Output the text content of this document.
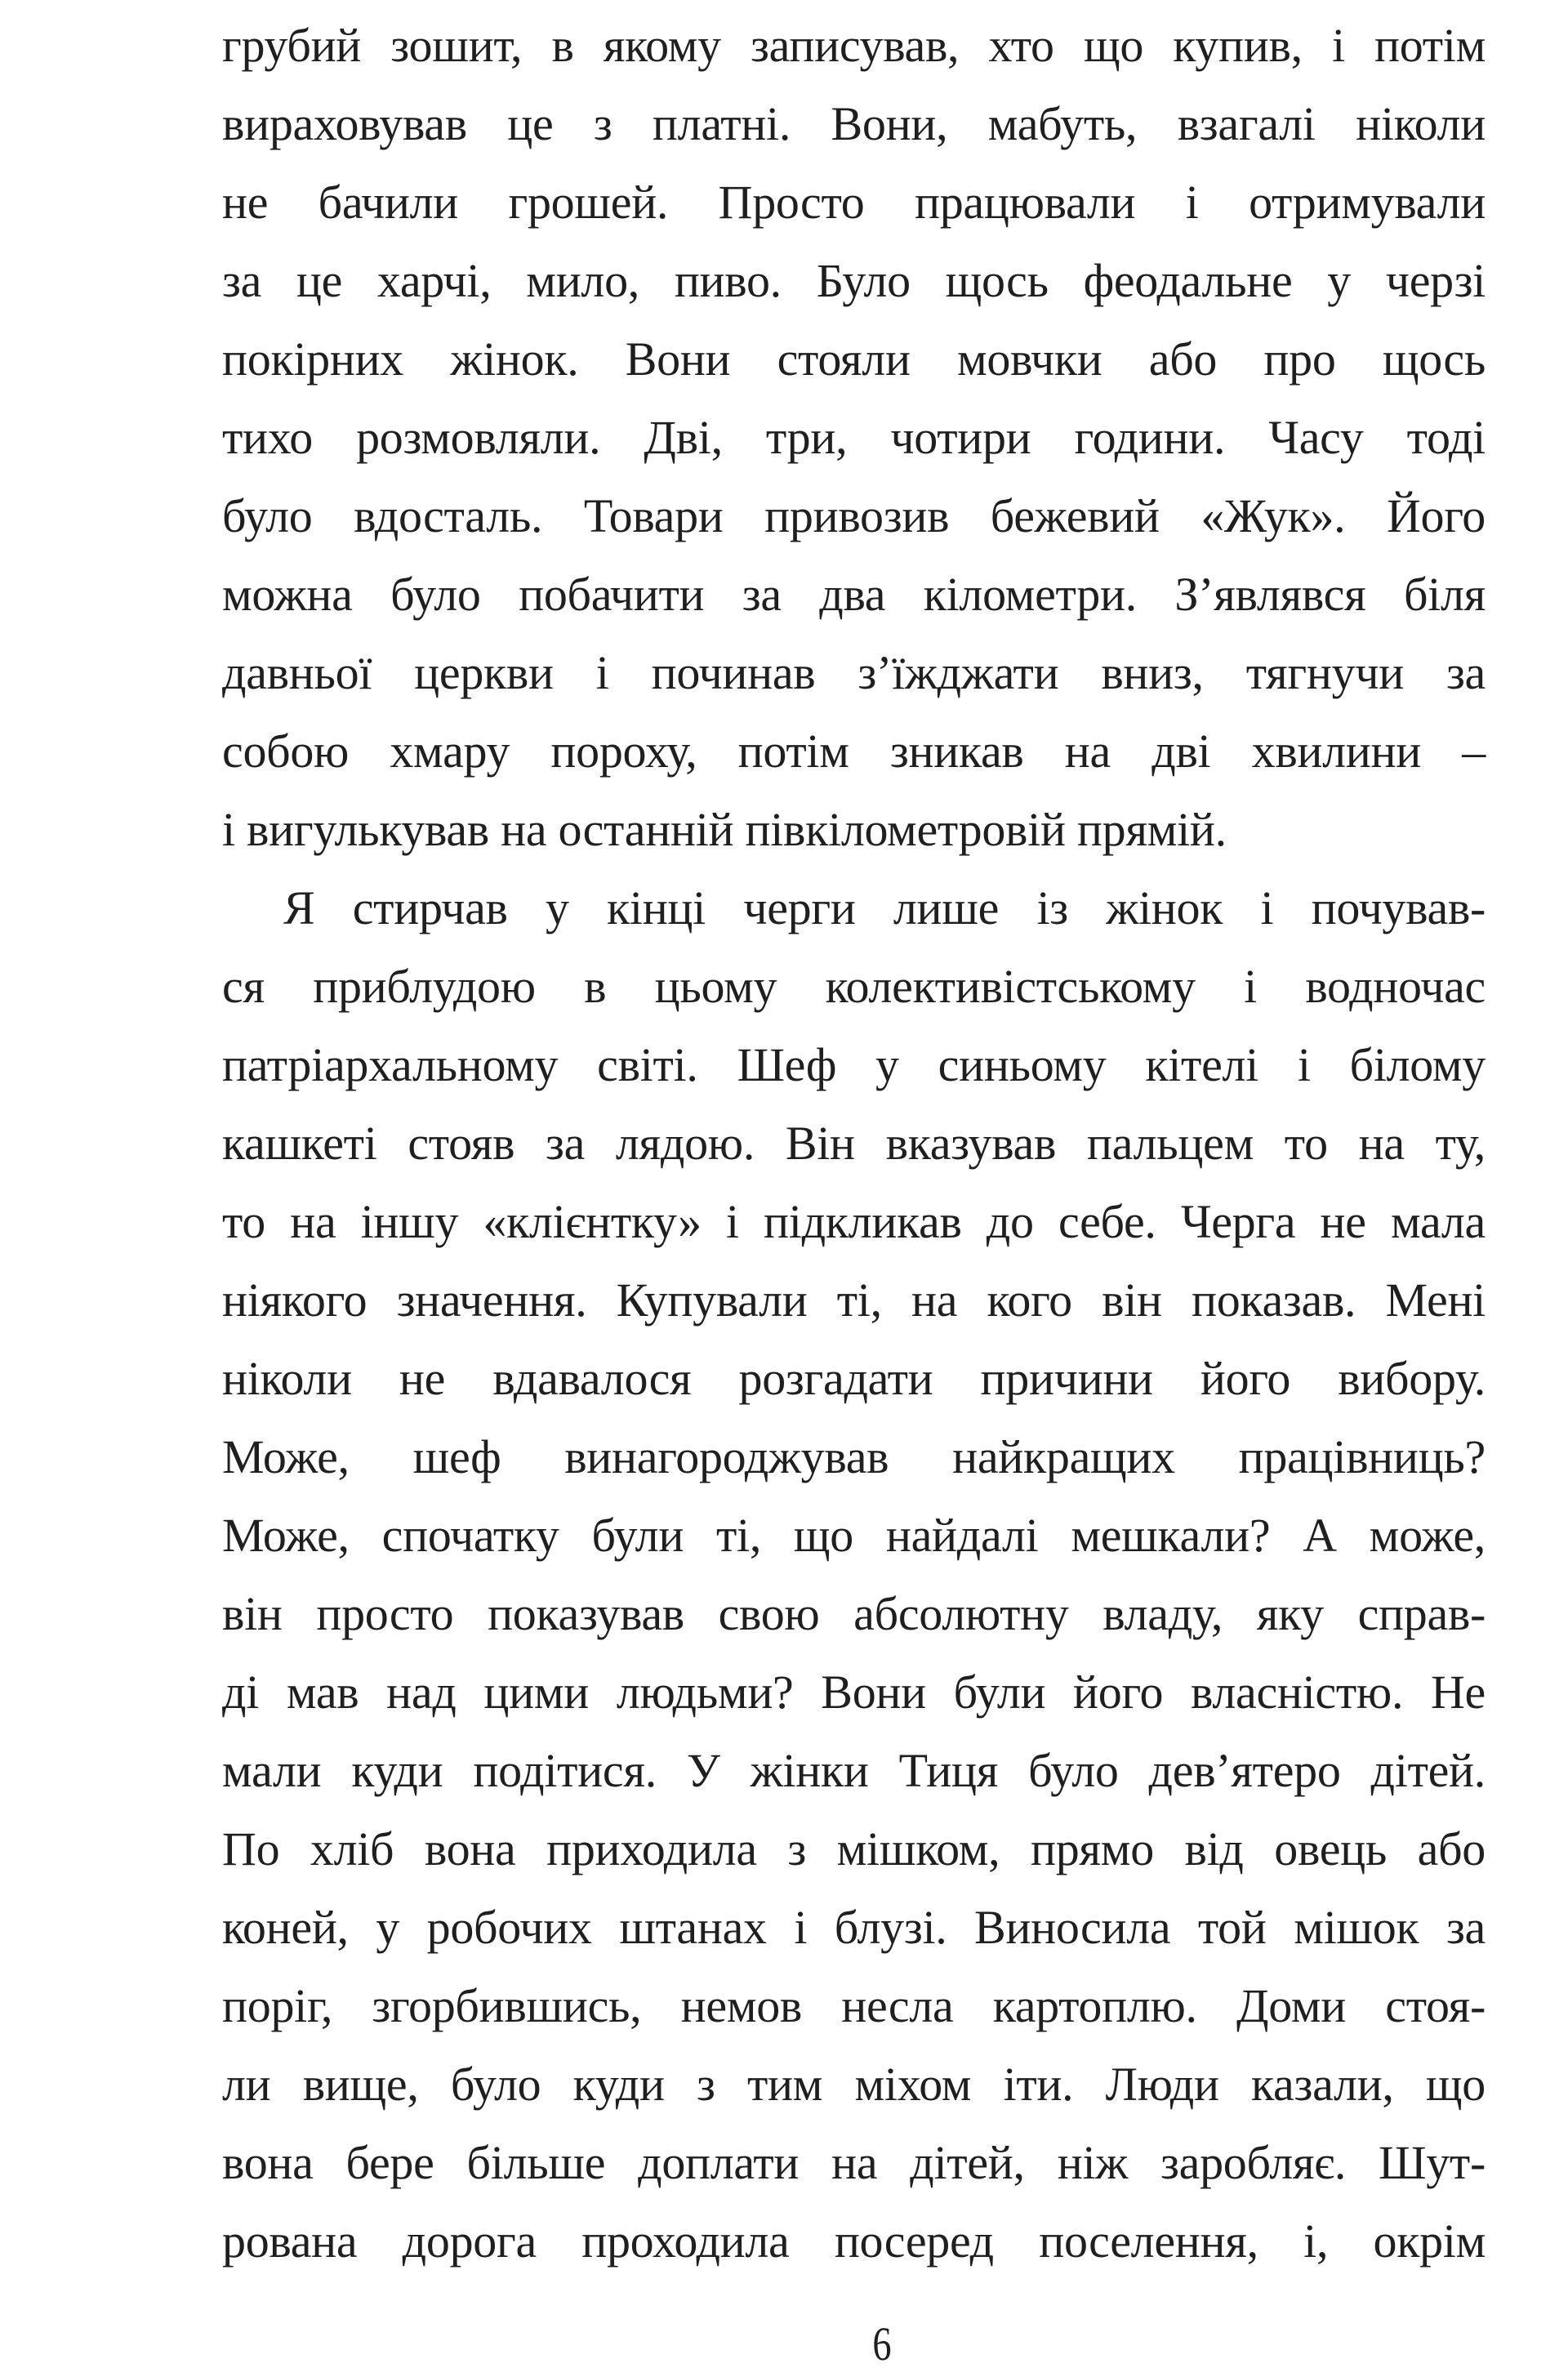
грубий зошит, в якому записував, хто що купив, і потім
вираховував це з платні. Вони, мабуть, взагалі ніколи
не бачили грошей. Просто працювали і отримували
за це харчі, мило, пиво. Було щось феодальне у черзі
покірних жінок. Вони стояли мовчки або про щось
тихо розмовляли. Дві, три, чотири години. Часу тоді
було вдосталь. Товари привозив бежевий «Жук». Його
можна було побачити за два кілометри. З’являвся біля
давньої церкви і починав з’їжджати вниз, тягнучи за
собою хмару пороху, потім зникав на дві хвилини –
і вигулькував на останній півкілометровій прямій.
Я стирчав у кінці черги лише із жінок і почував-
ся приблудою в цьому колективістському і водночас
патріархальному світі. Шеф у синьому кітелі і білому
кашкеті стояв за лядою. Він вказував пальцем то на ту,
то на іншу «клієнтку» і підкликав до себе. Черга не мала
ніякого значення. Купували ті, на кого він показав. Мені
ніколи не вдавалося розгадати причини його вибору.
Може, шеф винагороджував найкращих працівниць?
Може, спочатку були ті, що найдалі мешкали? А може,
він просто показував свою абсолютну владу, яку справ-
ді мав над цими людьми? Вони були його власністю. Не
мали куди подітися. У жінки Тиця було дев’ятеро дітей.
По хліб вона приходила з мішком, прямо від овець або
коней, у робочих штанах і блузі. Виносила той мішок за
поріг, згорбившись, немов несла картоплю. Доми стоя-
ли вище, було куди з тим міхом іти. Люди казали, що
вона бере більше доплати на дітей, ніж заробляє. Шут-
рована дорога проходила посеред поселення, і, окрім
6
